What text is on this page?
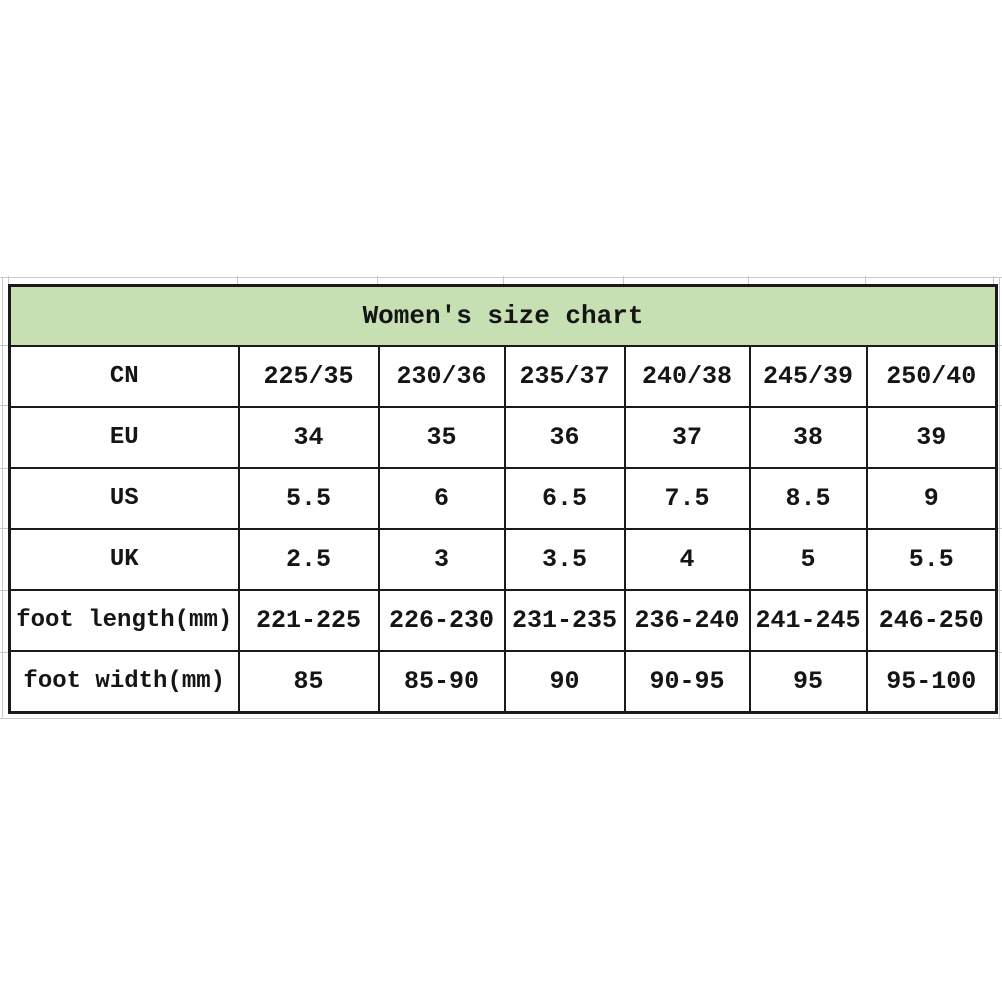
Women's size chart						
CN	225/35	230/36	235/37	240/38	245/39	250/40
EU	34	35	36	37	38	39
US	5.5	6	6.5	7.5	8.5	9
UK	2.5	3	3.5	4	5	5.5
foot length(mm)	221-225	226-230	231-235	236-240	241-245	246-250
foot width(mm)	85	85-90	90	90-95	95	95-100
